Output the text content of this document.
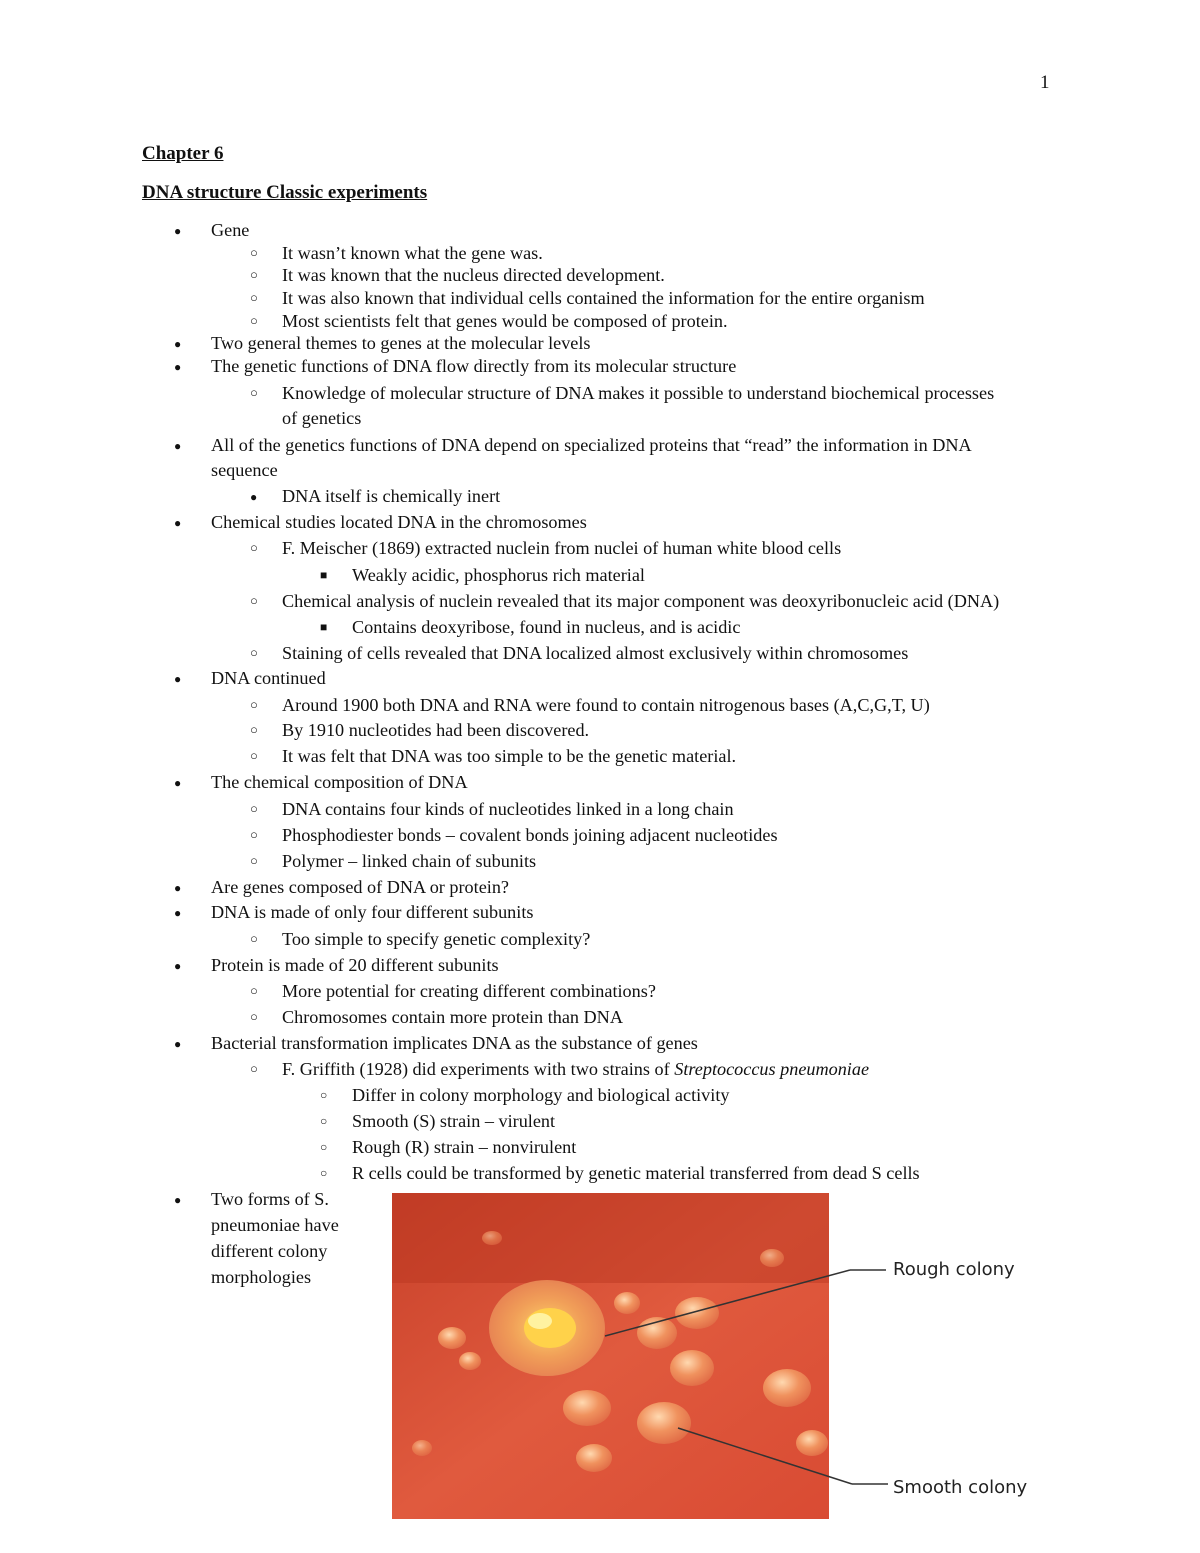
1
Chapter 6
DNA structure Classic experiments
● Gene
○ It wasn’t known what the gene was.
○ It was known that the nucleus directed development.
○ It was also known that individual cells contained the information for the entire organism
○ Most scientists felt that genes would be composed of protein.
● Two general themes to genes at the molecular levels
● The genetic functions of DNA flow directly from its molecular structure
○ Knowledge of molecular structure of DNA makes it possible to understand biochemical processes
of genetics
● All of the genetics functions of DNA depend on specialized proteins that “read” the information in DNA
sequence
● DNA itself is chemically inert
● Chemical studies located DNA in the chromosomes
○ F. Meischer (1869) extracted nuclein from nuclei of human white blood cells
■ Weakly acidic, phosphorus rich material
○ Chemical analysis of nuclein revealed that its major component was deoxyribonucleic acid (DNA)
■ Contains deoxyribose, found in nucleus, and is acidic
○ Staining of cells revealed that DNA localized almost exclusively within chromosomes
● DNA continued
○ Around 1900 both DNA and RNA were found to contain nitrogenous bases (A,C,G,T, U)
○ By 1910 nucleotides had been discovered.
○ It was felt that DNA was too simple to be the genetic material.
● The chemical composition of DNA
○ DNA contains four kinds of nucleotides linked in a long chain
○ Phosphodiester bonds – covalent bonds joining adjacent nucleotides
○ Polymer – linked chain of subunits
● Are genes composed of DNA or protein?
● DNA is made of only four different subunits
○ Too simple to specify genetic complexity?
● Protein is made of 20 different subunits
○ More potential for creating different combinations?
○ Chromosomes contain more protein than DNA
● Bacterial transformation implicates DNA as the substance of genes
○ F. Griffith (1928) did experiments with two strains of Streptococcus pneumoniae
○ Differ in colony morphology and biological activity
○ Smooth (S) strain – virulent
○ Rough (R) strain – nonvirulent
○ R cells could be transformed by genetic material transferred from dead S cells
● Two forms of S.
pneumoniae have
different colony
morphologies	Rough colony
Smooth colony
